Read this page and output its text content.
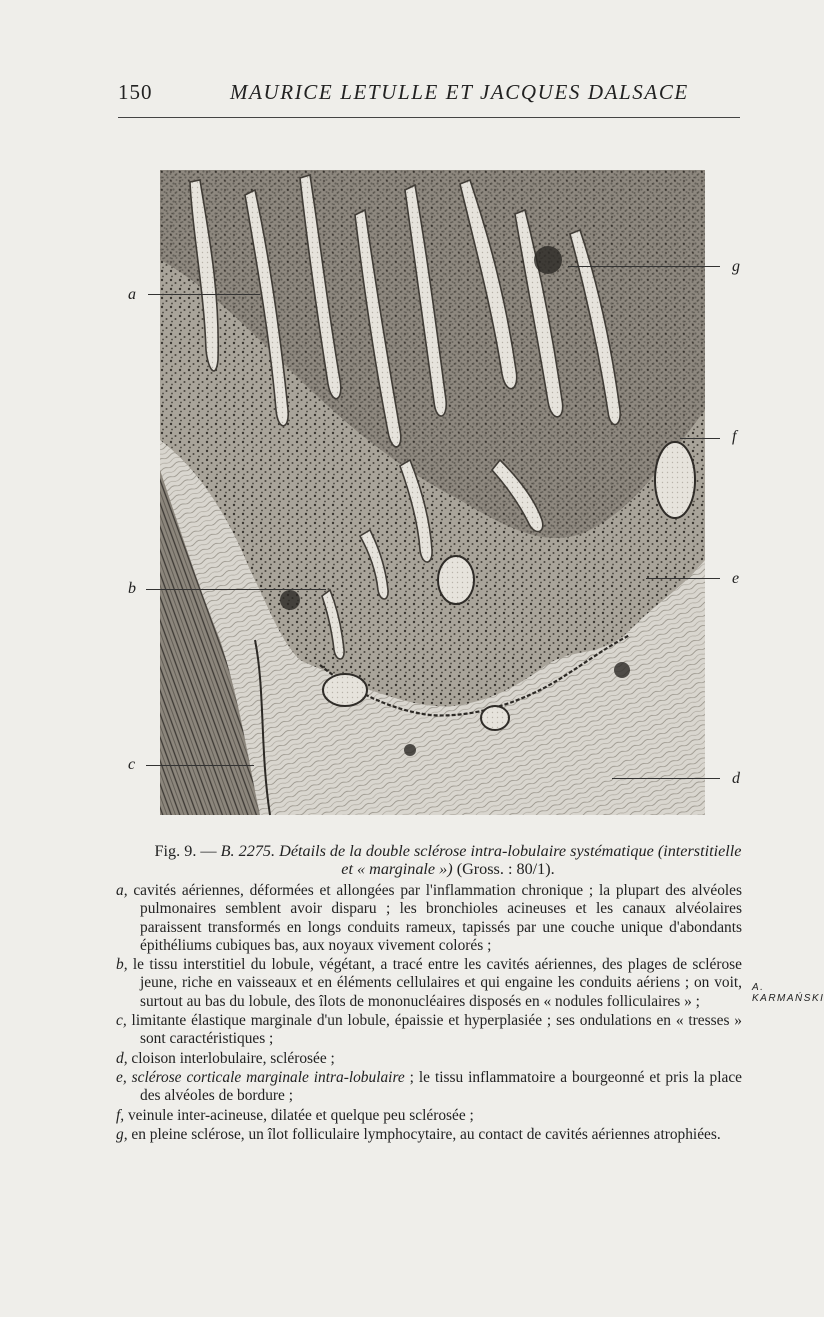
150	MAURICE LETULLE ET JACQUES DALSACE
A. KARMAŃSKI
a
g
f
e
b
c
d
Fig. 9. — B. 2275. Détails de la double sclérose intra-lobulaire systématique (interstitielle et « marginale ») (Gross. : 80/1).

a, cavités aériennes, déformées et allongées par l'inflammation chronique ; la plupart des alvéoles pulmonaires semblent avoir disparu ; les bronchioles acineuses et les canaux alvéolaires paraissent transformés en longs conduits rameux, tapissés par une couche unique d'abondants épithéliums cubiques bas, aux noyaux vivement colorés ;

b, le tissu interstitiel du lobule, végétant, a tracé entre les cavités aériennes, des plages de sclérose jeune, riche en vaisseaux et en éléments cellulaires et qui engaine les conduits aériens ; on voit, surtout au bas du lobule, des îlots de mononucléaires disposés en « nodules folliculaires » ;

c, limitante élastique marginale d'un lobule, épaissie et hyperplasiée ; ses ondulations en « tresses » sont caractéristiques ;

d, cloison interlobulaire, sclérosée ;

e, sclérose corticale marginale intra-lobulaire ; le tissu inflammatoire a bourgeonné et pris la place des alvéoles de bordure ;

f, veinule inter-acineuse, dilatée et quelque peu sclérosée ;

g, en pleine sclérose, un îlot folliculaire lymphocytaire, au contact de cavités aériennes atrophiées.
